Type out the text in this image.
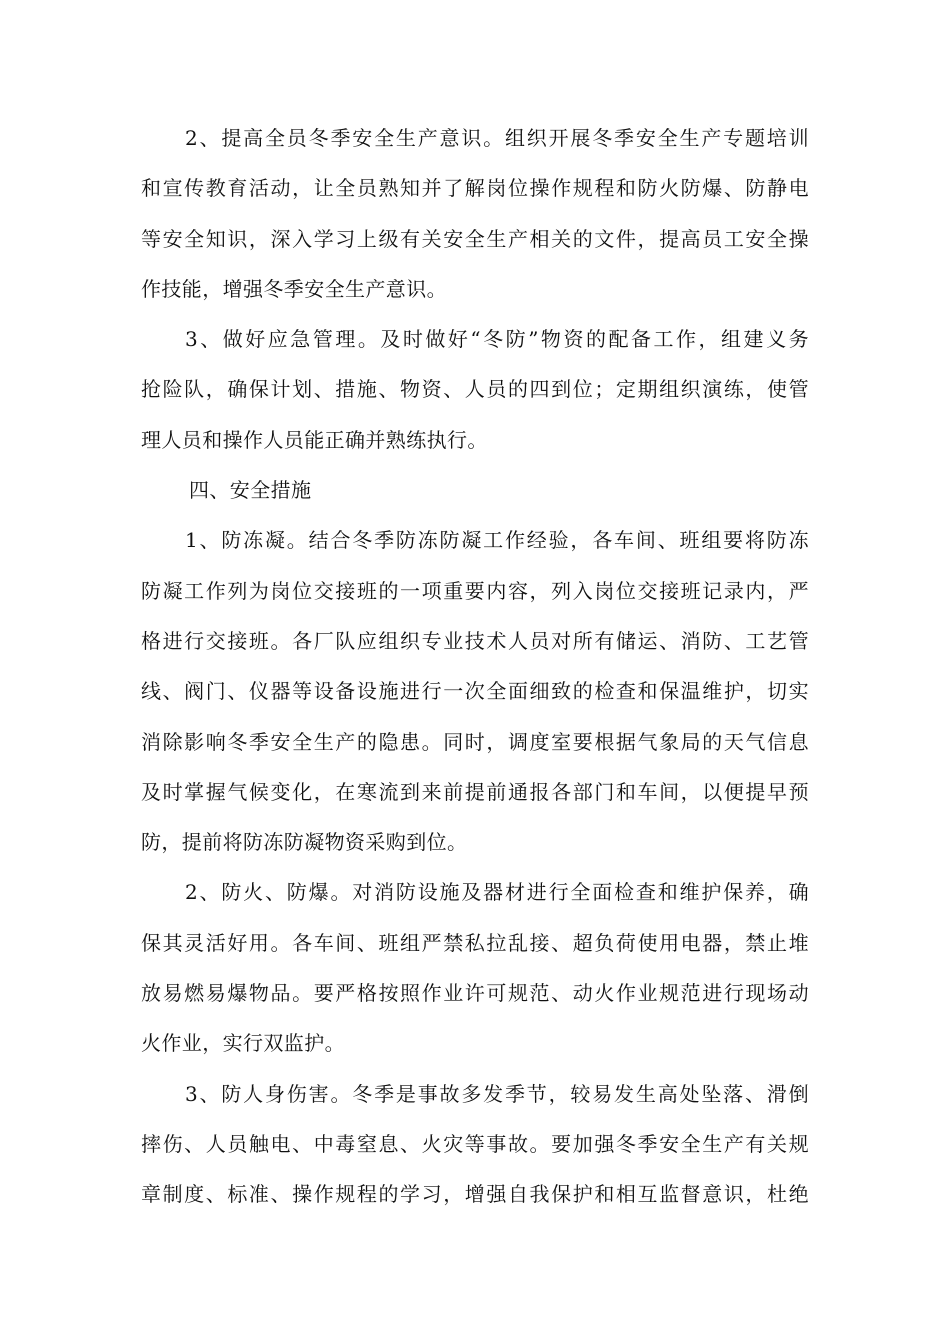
2、提高全员冬季安全生产意识。组织开展冬季安全生产专题培训
和宣传教育活动，让全员熟知并了解岗位操作规程和防火防爆、防静电
等安全知识，深入学习上级有关安全生产相关的文件，提高员工安全操
作技能，增强冬季安全生产意识。
3、做好应急管理。及时做好“冬防”物资的配备工作，组建义务
抢险队，确保计划、措施、物资、人员的四到位；定期组织演练，使管
理人员和操作人员能正确并熟练执行。
四、安全措施
1、防冻凝。结合冬季防冻防凝工作经验，各车间、班组要将防冻
防凝工作列为岗位交接班的一项重要内容，列入岗位交接班记录内，严
格进行交接班。各厂队应组织专业技术人员对所有储运、消防、工艺管
线、阀门、仪器等设备设施进行一次全面细致的检查和保温维护，切实
消除影响冬季安全生产的隐患。同时，调度室要根据气象局的天气信息
及时掌握气候变化，在寒流到来前提前通报各部门和车间，以便提早预
防，提前将防冻防凝物资采购到位。
2、防火、防爆。对消防设施及器材进行全面检查和维护保养，确
保其灵活好用。各车间、班组严禁私拉乱接、超负荷使用电器，禁止堆
放易燃易爆物品。要严格按照作业许可规范、动火作业规范进行现场动
火作业，实行双监护。
3、防人身伤害。冬季是事故多发季节，较易发生高处坠落、滑倒
摔伤、人员触电、中毒窒息、火灾等事故。要加强冬季安全生产有关规
章制度、标准、操作规程的学习，增强自我保护和相互监督意识，杜绝
